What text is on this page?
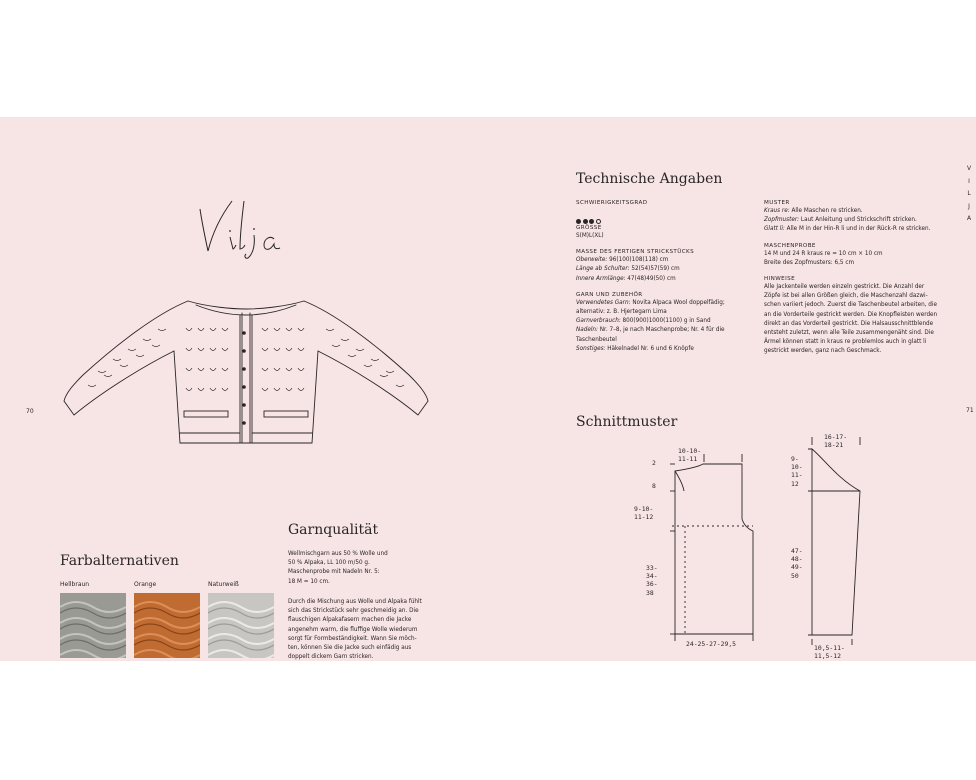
70
Farbalternativen
Hellbraun	Orange	Naturweiß
Garnqualität
Wellmischgarn aus 50 % Wolle und
50 % Alpaka, LL 100 m/50 g.
Maschenprobe mit Nadeln Nr. 5:
18 M = 10 cm.
Durch die Mischung aus Wolle und Alpaka fühlt
sich das Strickstück sehr geschmeidig an. Die
flauschigen Alpakafasern machen die Jacke
angenehm warm, die fluffige Wolle wiederum
sorgt für Formbeständigkeit. Wann Sie möch-
ten, können Sie die Jacke such einfädig aus
doppelt dickem Garn stricken.
V
I
L
J
A
71
Technische Angaben
SCHWIERIGKEITSGRAD
GRÖSSE
S(M)L(XL)
MASSE DES FERTIGEN STRICKSTÜCKS
Oberweite: 96(100)108(118) cm
Länge ab Schulter: 52(54)57(59) cm
Innere Armlänge: 47(48)49(50) cm
GARN UND ZUBEHÖR
Verwendetes Garn: Novita Alpaca Wool doppelfädig;
alternativ: z. B. Hjertegarn Lima
Garnverbrauch: 800(900)1000(1100) g in Sand
Nadeln: Nr. 7–8, je nach Maschenprobe; Nr. 4 für die
Taschenbeutel
Sonstiges: Häkelnadel Nr. 6 und 6 Knöpfe
MUSTER
Kraus re: Alle Maschen re stricken.
Zopfmuster: Laut Anleitung und Strickschrift stricken.
Glatt li: Alle M in der Hin-R li und in der Rück-R re stricken.
MASCHENPROBE
14 M und 24 R kraus re = 10 cm × 10 cm
Breite des Zopfmusters: 6,5 cm
HINWEISE
Alle Jackenteile werden einzeln gestrickt. Die Anzahl der
Zöpfe ist bei allen Größen gleich, die Maschenzahl dazwi-
schen variiert jedoch. Zuerst die Taschenbeutel arbeiten, die
an die Vorderteile gestrickt werden. Die Knopfleisten werden
direkt an das Vorderteil gestrickt. Die Halsausschnittblende
entsteht zuletzt, wenn alle Teile zusammengenäht sind. Die
Ärmel können statt in kraus re problemlos auch in glatt li
gestrickt werden, ganz nach Geschmack.
Schnittmuster
10-10-
11-11
2
8
9-10-
11-12
33-
34-
36-
38
24-25-27-29,5
16-17-
18-21
9-
10-
11-
12
47-
48-
49-
50
10,5-11-
11,5-12
